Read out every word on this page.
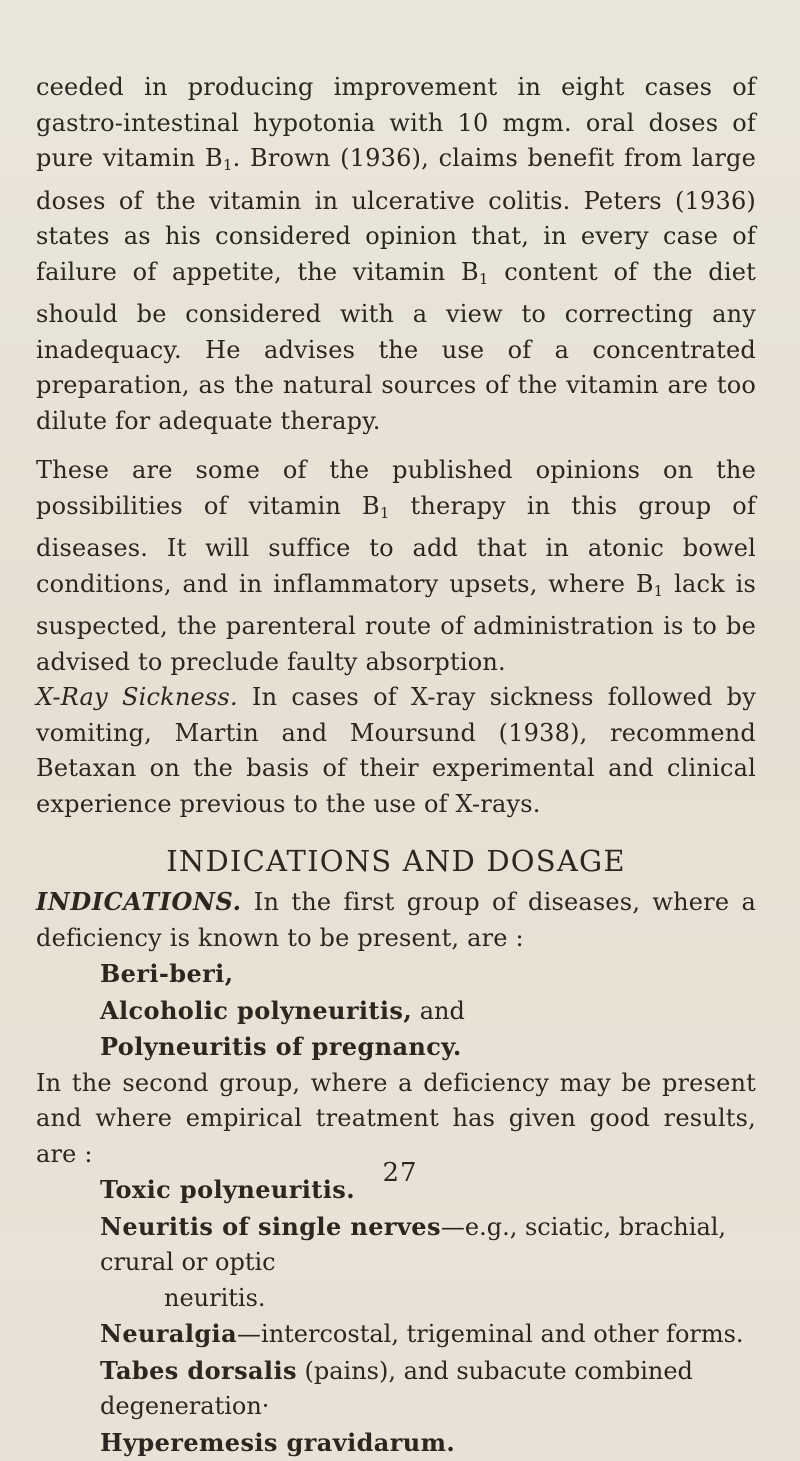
ceeded in producing improvement in eight cases of gastro-intestinal hypotonia with 10 mgm. oral doses of pure vitamin $B_1$. Brown (1936), claims benefit from large doses of the vitamin in ulcerative colitis. Peters (1936) states as his considered opinion that, in every case of failure of appetite, the vitamin $B_1$ content of the diet should be considered with a view to correcting any inadequacy. He advises the use of a concentrated preparation, as the natural sources of the vitamin are too dilute for adequate therapy.

These are some of the published opinions on the possibilities of vitamin $B_1$ therapy in this group of diseases. It will suffice to add that in atonic bowel conditions, and in inflammatory upsets, where $B_1$ lack is suspected, the parenteral route of administration is to be advised to preclude faulty absorption.

X-Ray Sickness. In cases of X-ray sickness followed by vomiting, Martin and Moursund (1938), recommend Betaxan on the basis of their experimental and clinical experience previous to the use of X-rays.

INDICATIONS AND DOSAGE

INDICATIONS. In the first group of diseases, where a deficiency is known to be present, are :

Beri-beri,
Alcoholic polyneuritis, and
Polyneuritis of pregnancy.

In the second group, where a deficiency may be present and where empirical treatment has given good results, are :

Toxic polyneuritis.
Neuritis of single nerves—e.g., sciatic, brachial, crural or optic
neuritis.
Neuralgia—intercostal, trigeminal and other forms.
Tabes dorsalis (pains), and subacute combined degeneration·
Hyperemesis gravidarum.
27
